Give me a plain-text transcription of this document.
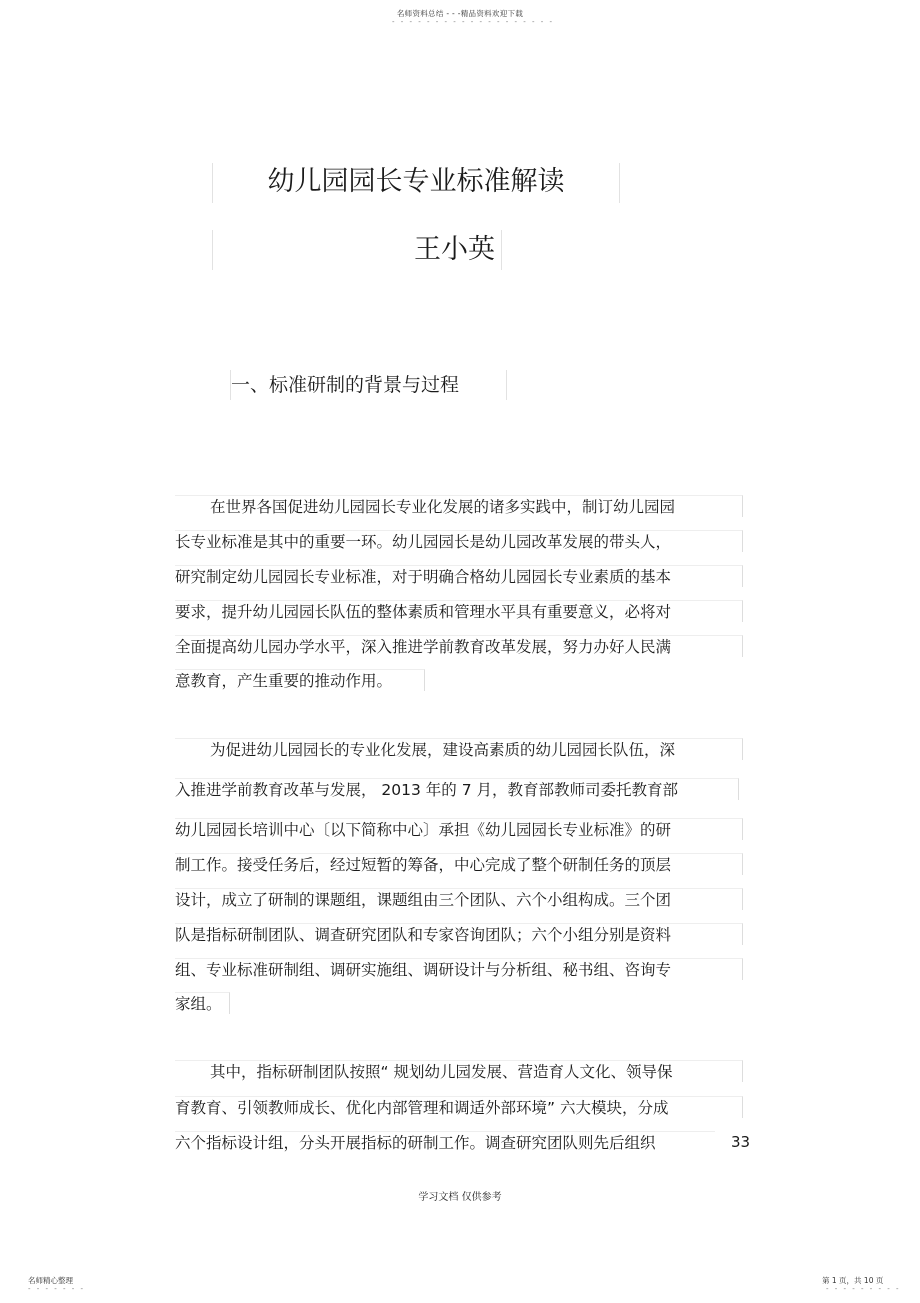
名师资料总结 - - -精品资料欢迎下载
- - - - - - - - - - - - - - - - - - -
幼儿园园长专业标准解读
王小英
一、标准研制的背景与过程
在世界各国促进幼儿园园长专业化发展的诸多实践中，制订幼儿园园
长专业标准是其中的重要一环。幼儿园园长是幼儿园改革发展的带头人，
研究制定幼儿园园长专业标准，对于明确合格幼儿园园长专业素质的基本
要求，提升幼儿园园长队伍的整体素质和管理水平具有重要意义，必将对
全面提高幼儿园办学水平，深入推进学前教育改革发展，努力办好人民满
意教育，产生重要的推动作用。
为促进幼儿园园长的专业化发展，建设高素质的幼儿园园长队伍，深
入推进学前教育改革与发展， 2013 年的 7 月，教育部教师司委托教育部
幼儿园园长培训中心〔以下简称中心〕承担《幼儿园园长专业标准》的研
制工作。接受任务后，经过短暂的筹备，中心完成了整个研制任务的顶层
设计，成立了研制的课题组，课题组由三个团队、六个小组构成。三个团
队是指标研制团队、调查研究团队和专家咨询团队；六个小组分别是资料
组、专业标准研制组、调研实施组、调研设计与分析组、秘书组、咨询专
家组。
其中，指标研制团队按照“ 规划幼儿园发展、营造育人文化、领导保
育教育、引领教师成长、优化内部管理和调适外部环境” 六大模块，分成
六个指标设计组，分头开展指标的研制工作。调查研究团队则先后组织	33
学习文档 仅供参考
名师精心整理
- - - - - - -
第 1 页，共 10 页
- - - - - - - - -
